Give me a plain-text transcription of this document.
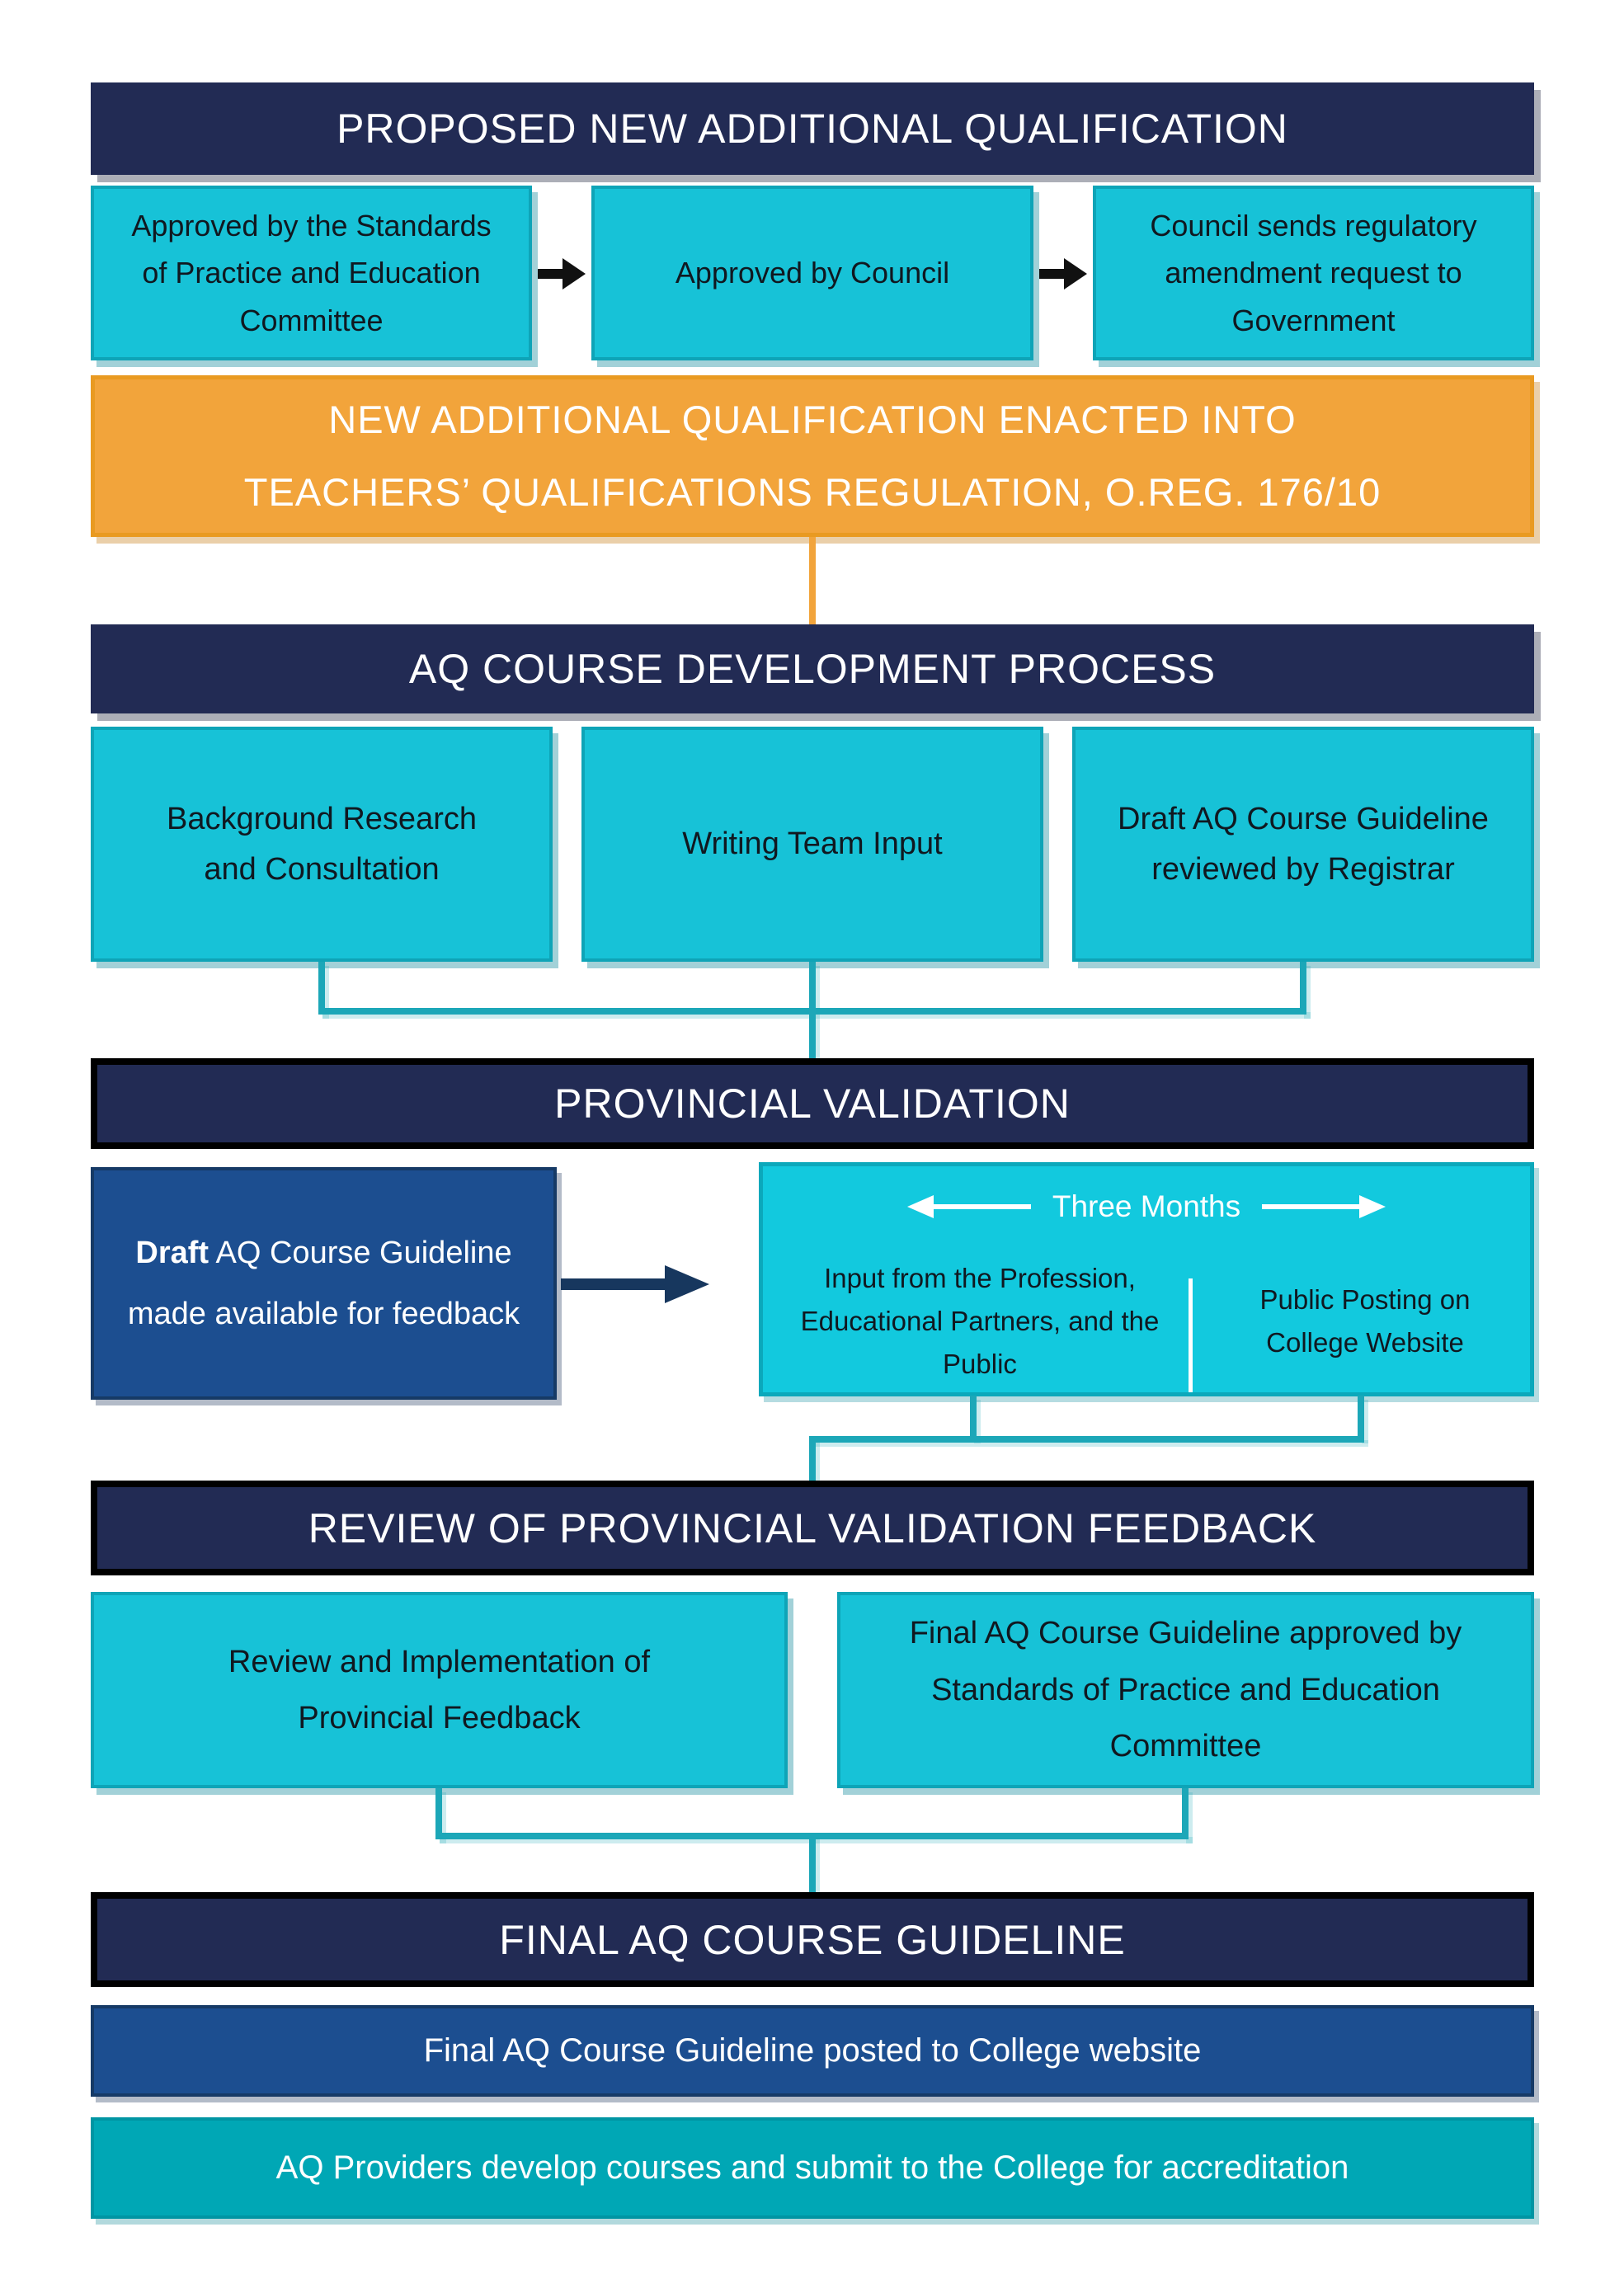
PROPOSED NEW ADDITIONAL QUALIFICATION
Approved by the Standards of Practice and Education Committee
Approved by Council
Council sends regulatory amendment request to Government
NEW ADDITIONAL QUALIFICATION ENACTED INTO
TEACHERS’ QUALIFICATIONS REGULATION, O.REG. 176/10
AQ COURSE DEVELOPMENT PROCESS
Background Research and Consultation
Writing Team Input
Draft AQ Course Guideline reviewed by Registrar
PROVINCIAL VALIDATION
Draft AQ Course Guideline made available for feedback
Three Months
Input from the Profession, Educational Partners, and the Public
Public Posting on College Website
REVIEW OF PROVINCIAL VALIDATION FEEDBACK
Review and Implementation of Provincial Feedback
Final AQ Course Guideline approved by Standards of Practice and Education Committee
FINAL AQ COURSE GUIDELINE
Final AQ Course Guideline posted to College website
AQ Providers develop courses and submit to the College for accreditation
